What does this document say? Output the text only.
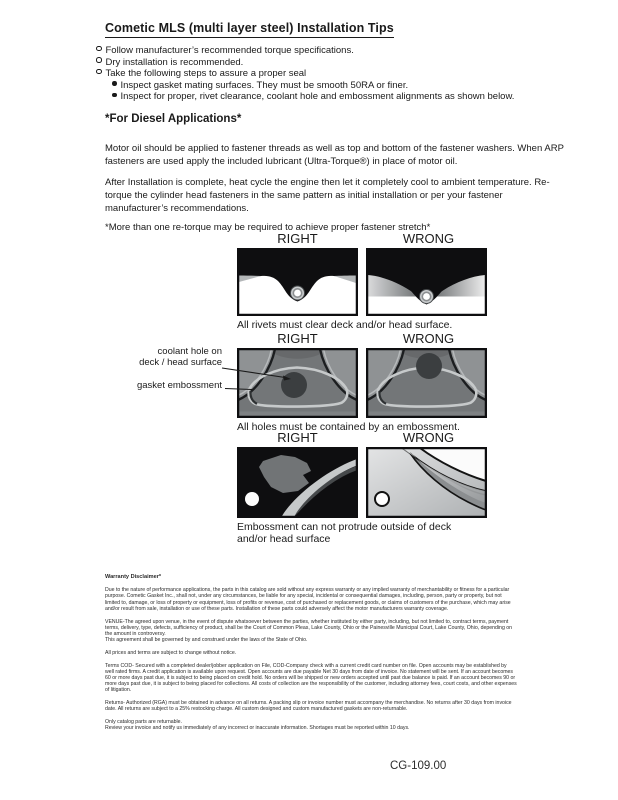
Cometic MLS (multi layer steel) Installation Tips
Follow manufacturer’s recommended torque specifications.
Dry installation is recommended.
Take the following steps to assure a proper seal
Inspect gasket mating surfaces. They must be smooth 50RA or finer.
Inspect for proper, rivet clearance, coolant hole and embossment alignments as shown below.
*For Diesel Applications*

Motor oil should be applied to fastener threads as well as top and bottom of the fastener washers. When ARP fasteners are used apply the included lubricant (Ultra-Torque®) in place of motor oil.

After Installation is complete, heat cycle the engine then let it completely cool to ambient temperature. Re-torque the cylinder head fasteners in the same pattern as initial installation or per your fastener manufacturer’s recommendations.

*More than one re-torque may be required to achieve proper fastener stretch*

RIGHT	WRONG
All rivets must clear deck and/or head surface.
RIGHT	WRONG
All holes must be contained by an embossment.
coolant hole on
deck / head surface
gasket embossment
RIGHT	WRONG
Embossment can not protrude outside of deck
and/or head surface

Warranty Disclaimer*

Due to the nature of performance applications, the parts in this catalog are sold without any express warranty or any implied warranty of merchantability or fitness for a particular purpose. Cometic Gasket Inc., shall not, under any circumstances, be liable for any special, incidental or consequential damages, including, person, party or property, but not limited to, damage, or loss of property or equipment, loss of profits or revenue, cost of purchased or replacement goods, or claims of customers of the purchase, which may arise and/or result from sale, installation or use of these parts. Installation of these parts could adversely affect the motor manufacturers warranty coverage.

VENUE-The agreed upon venue, in the event of dispute whatsoever between the parties, whether instituted by either party, including, but not limited to, contract terms, payment terms, delivery, type, defects, sufficiency of product, shall be the Court of Common Pleas, Lake County, Ohio or the Painesville Municipal Court, Lake County, Ohio, depending on the amount in controversy.

This agreement shall be governed by and construed under the laws of the State of Ohio.

All prices and terms are subject to change without notice.

Terms COD- Secured with a completed dealer/jobber application on File, COD-Company check with a current credit card number on file. Open accounts may be established by well rated firms. A credit application is available upon request. Open accounts are due payable Net 30 days from date of invoice. No statement will be sent. If an account becomes 60 or more days past due, it is subject to being placed on credit hold. No orders will be shipped or new orders accepted until past due balance is paid. If an account becomes 90 or more days past due, it is subject to being placed for collections. All costs of collection are the responsibility of the customer, including attorney fees, court costs, and other expenses of litigation.

Returns- Authorized (RGA) must be obtained in advance on all returns. A packing slip or invoice number must accompany the merchandise. No returns after 30 days from invoice date. All returns are subject to a 25% restocking charge. All custom designed and custom manufactured gaskets are non-returnable.

Only catalog parts are returnable.

Review your invoice and notify us immediately of any incorrect or inaccurate information. Shortages must be reported within 10 days.

CG-109.00
